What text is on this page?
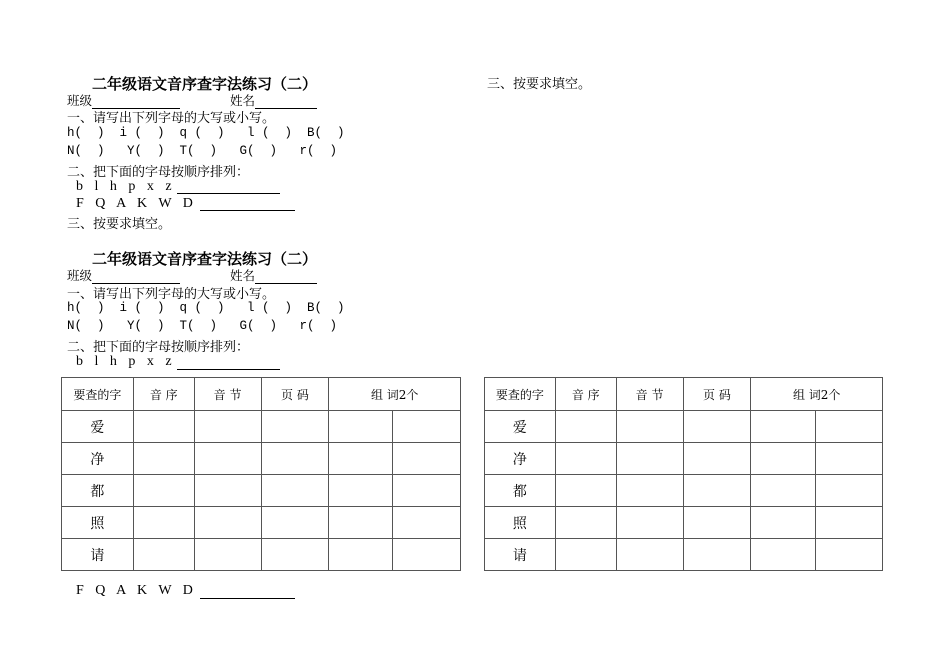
二年级语文音序查字法练习（二）
班级	姓名
一、请写出下列字母的大写或小写。
h(  )  i (  )  q (  )   l (  )  B(  )
N(  )   Y(  )  T(  )   G(  )   r(  )
二、把下面的字母按顺序排列：
b l h p x z
F Q A K W D
三、按要求填空。
三、按要求填空。
二年级语文音序查字法练习（二）
班级	姓名
一、请写出下列字母的大写或小写。
h(  )  i (  )  q (  )   l (  )  B(  )
N(  )   Y(  )  T(  )   G(  )   r(  )
二、把下面的字母按顺序排列：
b l h p x z
要查的字	音 序	音 节	页 码	组 词2个	
爱					
净					
都					
照					
请					
要查的字	音 序	音 节	页 码	组 词2个	
爱					
净					
都					
照					
请					
F Q A K W D
